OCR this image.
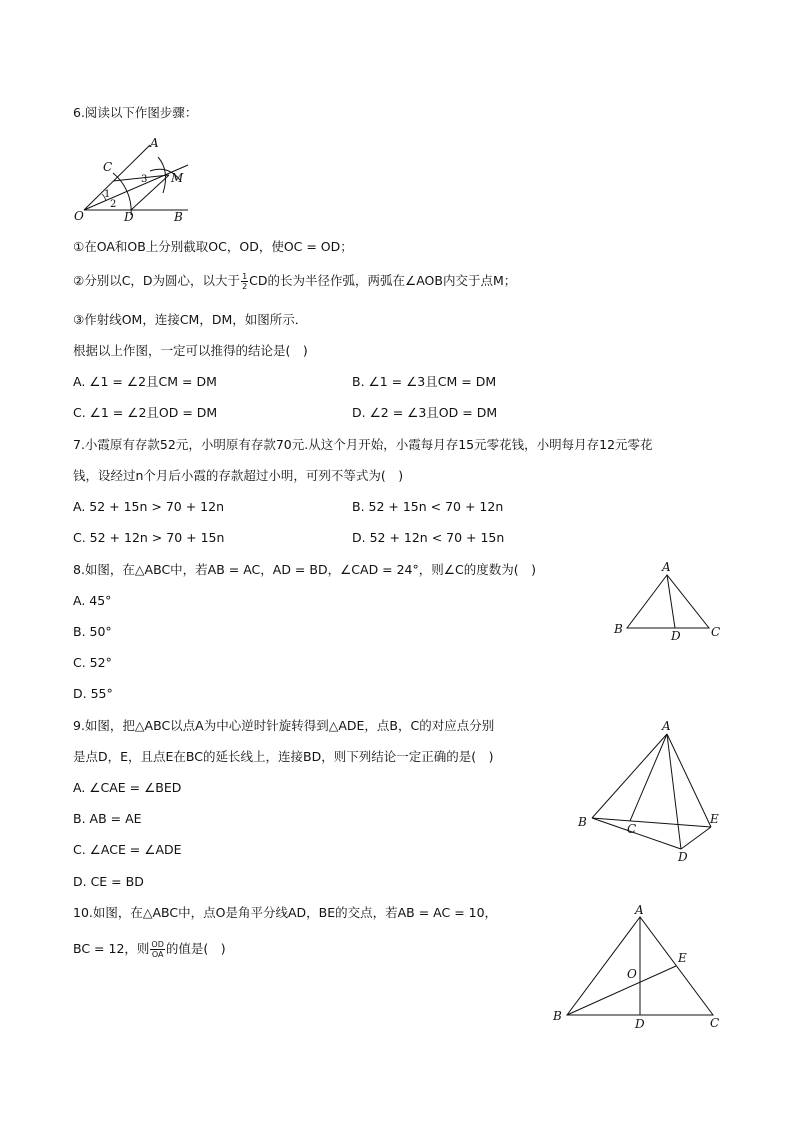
6.阅读以下作图步骤：
A
C
M
O	D	B
1
2
3
①在OA和OB上分别截取OC，OD，使OC = OD；
②分别以C，D为圆心，以大于 $\frac{1}{2}$ CD的长为半径作弧，两弧在∠AOB内交于点M；
③作射线OM，连接CM，DM，如图所示．
根据以上作图，一定可以推得的结论是(　)
A. ∠1 = ∠2且CM = DM	B. ∠1 = ∠3且CM = DM
C. ∠1 = ∠2且OD = DM	D. ∠2 = ∠3且OD = DM
7.小霞原有存款52元，小明原有存款70元.从这个月开始，小霞每月存15元零花钱，小明每月存12元零花
钱，设经过n个月后小霞的存款超过小明，可列不等式为(　)
A. 52 + 15n > 70 + 12n	B. 52 + 15n < 70 + 12n
C. 52 + 12n > 70 + 15n	D. 52 + 12n < 70 + 15n
8.如图，在△ABC中，若AB = AC，AD = BD，∠CAD = 24°，则∠C的度数为(　)
A. 45°
B. 50°
C. 52°
D. 55°
A
B	D	C
9.如图，把△ABC以点A为中心逆时针旋转得到△ADE，点B，C的对应点分别
是点D，E，且点E在BC的延长线上，连接BD，则下列结论一定正确的是(　)
A. ∠CAE = ∠BED
B. AB = AE
C. ∠ACE = ∠ADE
D. CE = BD
A
B	C
E
D
10.如图，在△ABC中，点O是角平分线AD，BE的交点，若AB = AC = 10，
BC = 12，则 $\frac{OD}{OA}$ 的值是(　)
A
E
O
B
D	C
